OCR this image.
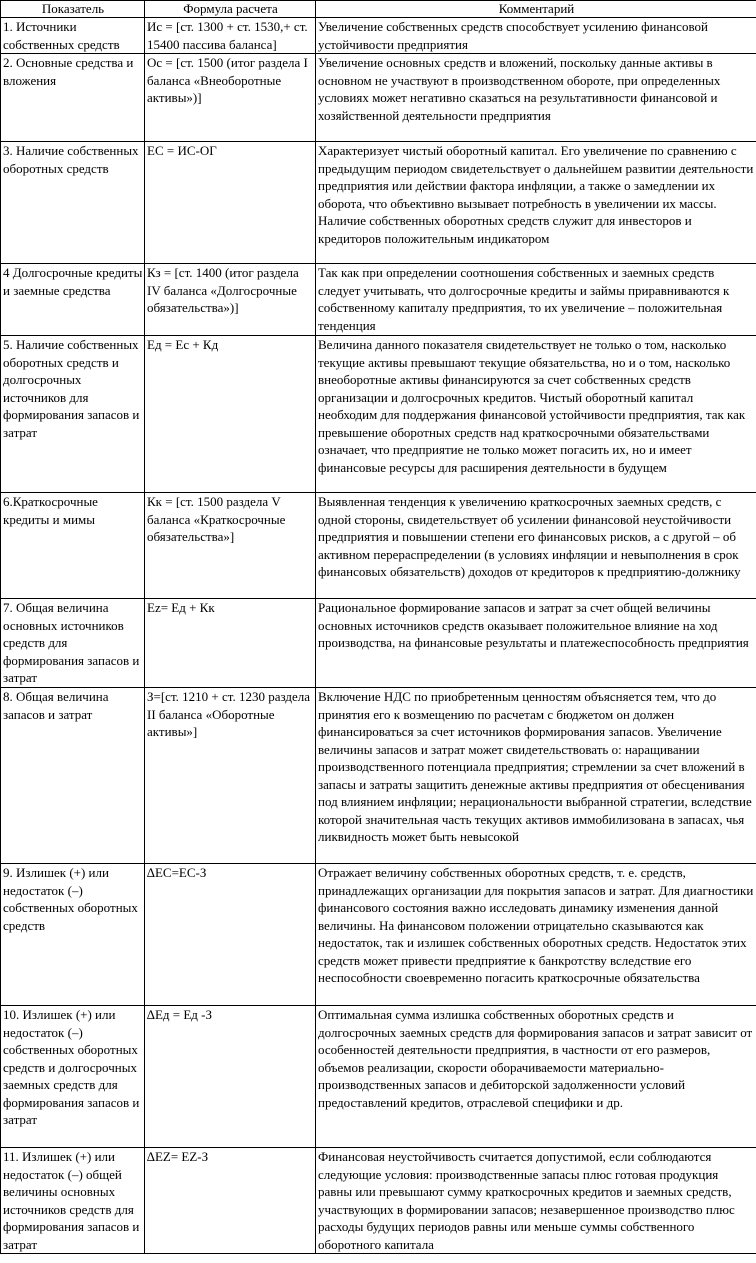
Показатель	Формула расчета	Комментарий
1. Источники собственных средств	Ис = [ст. 1300 + ст. 1530,+ ст. 15400 пассива баланса]	Увеличение собственных средств способствует усилению финансовой устойчивости предприятия
2. Основные средства и вложения	Ос = [ст. 1500 (итог раздела I баланса «Внеоборотные активы»)]	Увеличение основных средств и вложений, поскольку данные активы в основном не участвуют в производственном обороте, при определенных условиях может негативно сказаться на результативности финансовой и хозяйственной деятельности предприятия
3. Наличие собственных оборотных средств	ЕС = ИС-ОГ	Характеризует чистый оборотный капитал. Его увеличение по сравнению с предыдущим периодом свидетельствует о дальнейшем развитии деятельности предприятия или действии фактора инфляции, а также о замедлении их оборота, что объективно вызывает потребность в увеличении их массы. Наличие собственных оборотных средств служит для инвесторов и кредиторов положительным индикатором
4 Долгосрочные кредиты и заемные средства	Кз = [ст. 1400 (итог раздела IV баланса «Долгосрочные обязательства»)]	Так как при определении соотношения собственных и заемных средств следует учитывать, что долгосрочные кредиты и займы приравниваются к собственному капиталу предприятия, то их увеличение – положительная тенденция
5. Наличие собственных оборотных средств и долгосрочных источников для формирования запасов и затрат	Ед = Ес + Кд	Величина данного показателя свидетельствует не только о том, насколько текущие активы превышают текущие обязательства, но и о том, насколько внеоборотные активы финансируются за счет собственных средств организации и долгосрочных кредитов. Чистый оборотный капитал необходим для поддержания финансовой устойчивости предприятия, так как превышение оборотных средств над краткосрочными обязательствами означает, что предприятие не только может погасить их, но и имеет финансовые ресурсы для расширения деятельности в будущем
6.Краткосрочные кредиты и мимы	Кк = [ст. 1500 раздела V баланса «Краткосрочные обязательства»]	Выявленная тенденция к увеличению краткосрочных заемных средств, с одной стороны, свидетельствует об усилении финансовой неустойчивости предприятия и повышении степени его финансовых рисков, а с другой – об активном перераспределении (в условиях инфляции и невыполнения в срок финансовых обязательств) доходов от кредиторов к предприятию-должнику
7. Общая величина основных источников средств для формирования запасов и затрат	Еz= Ед + Кк	Рациональное формирование запасов и затрат за счет общей величины основных источников средств оказывает положительное влияние на ход производства, на финансовые результаты и платежеспособность предприятия
8. Общая величина запасов и затрат	З=[ст. 1210 + ст. 1230 раздела II баланса «Оборотные активы»]	Включение НДС по приобретенным ценностям объясняется тем, что до принятия его к возмещению по расчетам с бюджетом он должен финансироваться за счет источников формирования запасов. Увеличение величины запасов и затрат может свидетельствовать о: наращивании производственного потенциала предприятия; стремлении за счет вложений в запасы и затраты защитить денежные активы предприятия от обесценивания под влиянием инфляции; нерациональности выбранной стратегии, вследствие которой значительная часть текущих активов иммобилизована в запасах, чья ликвидность может быть невысокой
9. Излишек (+) или недостаток (–) собственных оборотных средств	∆ЕС=ЕС-З	Отражает величину собственных оборотных средств, т. е. средств, принадлежащих организации для покрытия запасов и затрат. Для диагностики финансового состояния важно исследовать динамику изменения данной величины. На финансовом положении отрицательно сказываются как недостаток, так и излишек собственных оборотных средств. Недостаток этих средств может привести предприятие к банкротству вследствие его неспособности своевременно погасить краткосрочные обязательства
10. Излишек (+) или недостаток (–) собственных оборотных средств и долгосрочных заемных средств для формирования запасов и затрат	∆Ед = Ед -З	Оптимальная сумма излишка собственных оборотных средств и долгосрочных заемных средств для формирования запасов и затрат зависит от особенностей деятельности предприятия, в частности от его размеров, объемов реализации, скорости оборачиваемости материально-производственных запасов и дебиторской задолженности условий предоставлений кредитов, отраслевой специфики и др.
11. Излишек (+) или недостаток (–) общей величины основных источников средств для формирования запасов и затрат	∆ЕZ= ЕZ-З	Финансовая неустойчивость считается допустимой, если соблюдаются следующие условия: производственные запасы плюс готовая продукция равны или превышают сумму краткосрочных кредитов и заемных средств, участвующих в формировании запасов; незавершенное производство плюс расходы будущих периодов равны или меньше суммы собственного оборотного капитала
